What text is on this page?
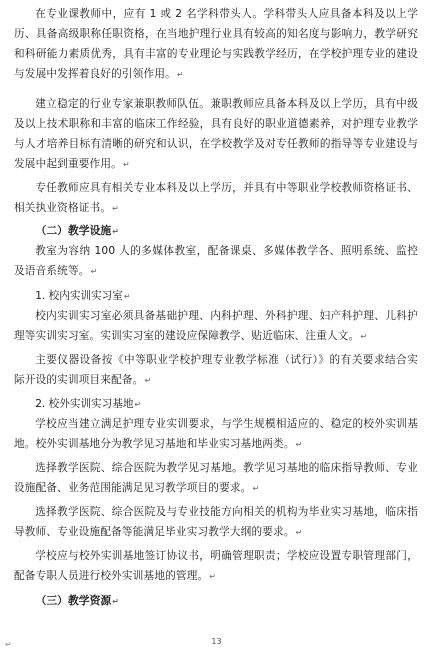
在专业课教师中，应有 1 或 2 名学科带头人。学科带头人应具备本科及以上学历、具备高级职称任职资格，在当地护理行业具有较高的知名度与影响力，教学研究和科研能力素质优秀，具有丰富的专业理论与实践教学经历，在学校护理专业的建设与发展中发挥着良好的引领作用。↵

建立稳定的行业专家兼职教师队伍。兼职教师应具备本科及以上学历，具有中级及以上技术职称和丰富的临床工作经验，具有良好的职业道德素养，对护理专业教学与人才培养目标有清晰的研究和认识，在学校教学及对专任教师的指导等专业建设与发展中起到重要作用。↵

专任教师应具有相关专业本科及以上学历，并具有中等职业学校教师资格证书、相关执业资格证书。↵

（二）教学设施↵

教室为容纳 100 人的多媒体教室，配备课桌、多媒体教学各、照明系统、监控及语音系统等。↵

1. 校内实训实习室↵

校内实训实习室必须具备基础护理、内科护理、外科护理、妇产科护理、儿科护理等实训实习室。实训实习室的建设应保障教学、贴近临床、注重人文。↵

主要仪器设备按《中等职业学校护理专业教学标准（试行）》的有关要求结合实际开设的实训项目来配备。↵

2. 校外实训实习基地↵

学校应当建立满足护理专业实训要求，与学生规模相适应的、稳定的校外实训基地。校外实训基地分为教学见习基地和毕业实习基地两类。↵

选择教学医院、综合医院为教学见习基地。教学见习基地的临床指导教师、专业设施配备、业务范围能满足见习教学项目的要求。↵

选择教学医院、综合医院及与专业技能方向相关的机构为毕业实习基地，临床指导教师、专业设施配备等能满足毕业实习教学大纲的要求。↵

学校应与校外实训基地签订协议书，明确管理职责；学校应设置专职管理部门，配备专职人员进行校外实训基地的管理。↵

（三）教学资源↵

↵	13
